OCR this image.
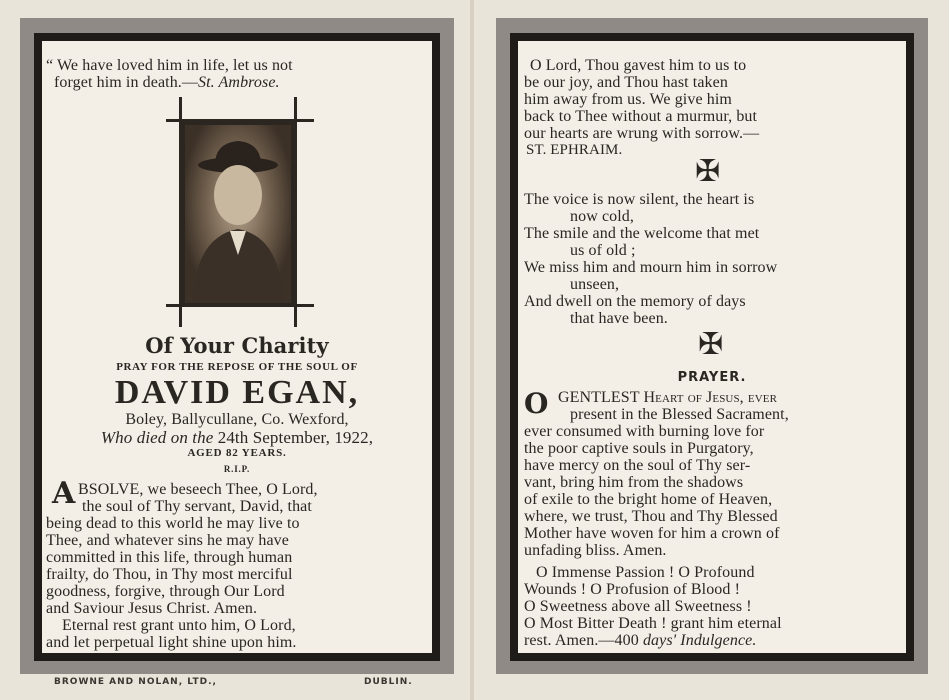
“ We have loved him in life, let us not
forget him in death.—St. Ambrose.
Of Your Charity
PRAY FOR THE REPOSE OF THE SOUL OF
DAVID EGAN,
Boley, Ballycullane, Co. Wexford,
Who died on the 24th September, 1922,
AGED 82 YEARS.
R.I.P.
A BSOLVE, we beseech Thee, O Lord,
the soul of Thy servant, David, that
being dead to this world he may live to
Thee, and whatever sins he may have
committed in this life, through human
frailty, do Thou, in Thy most merciful
goodness, forgive, through Our Lord
and Saviour Jesus Christ. Amen.
Eternal rest grant unto him, O Lord,
and let perpetual light shine upon him.
BROWNE AND NOLAN, LTD.,	DUBLIN.
O Lord, Thou gavest him to us to
be our joy, and Thou hast taken
him away from us. We give him
back to Thee without a murmur, but
our hearts are wrung with sorrow.—
ST. EPHRAIM.
✠
The voice is now silent, the heart is
now cold,
The smile and the welcome that met
us of old ;
We miss him and mourn him in sorrow
unseen,
And dwell on the memory of days
that have been.
✠
PRAYER.
O GENTLEST Heart of Jesus, ever
present in the Blessed Sacrament,
ever consumed with burning love for
the poor captive souls in Purgatory,
have mercy on the soul of Thy ser-
vant, bring him from the shadows
of exile to the bright home of Heaven,
where, we trust, Thou and Thy Blessed
Mother have woven for him a crown of
unfading bliss. Amen.
O Immense Passion ! O Profound
Wounds ! O Profusion of Blood !
O Sweetness above all Sweetness !
O Most Bitter Death ! grant him eternal
rest. Amen.—400 days' Indulgence.
